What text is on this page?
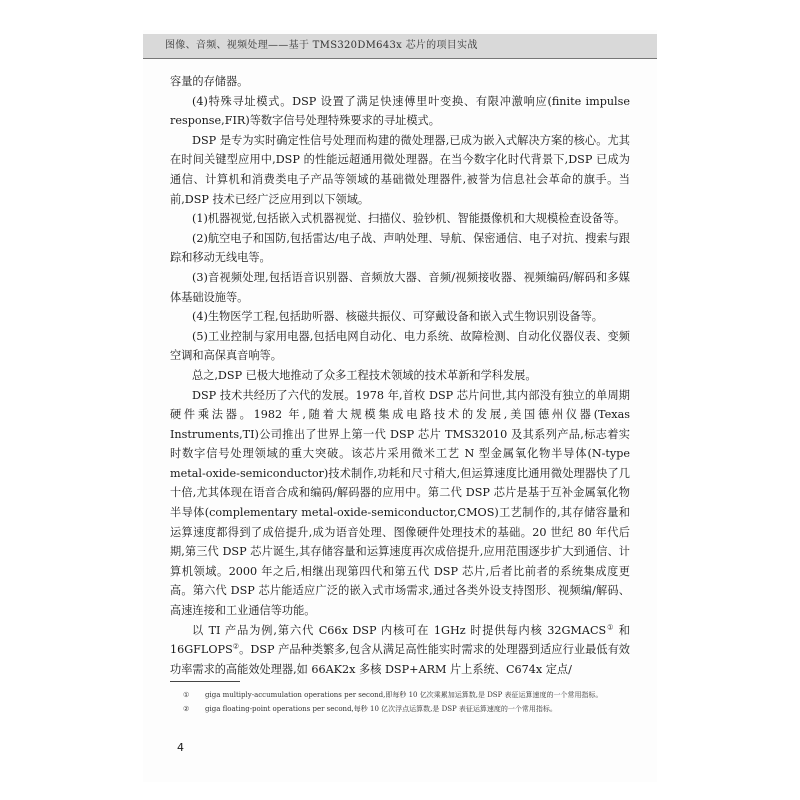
图像、音频、视频处理——基于 TMS320DM643x 芯片的项目实战

容量的存储器。

(4)特殊寻址模式。DSP 设置了满足快速傅里叶变换、有限冲激响应(finite impulse response,FIR)等数字信号处理特殊要求的寻址模式。

DSP 是专为实时确定性信号处理而构建的微处理器,已成为嵌入式解决方案的核心。尤其在时间关键型应用中,DSP 的性能远超通用微处理器。在当今数字化时代背景下,DSP 已成为通信、计算机和消费类电子产品等领域的基础微处理器件,被誉为信息社会革命的旗手。当前,DSP 技术已经广泛应用到以下领域。

(1)机器视觉,包括嵌入式机器视觉、扫描仪、验钞机、智能摄像机和大规模检查设备等。

(2)航空电子和国防,包括雷达/电子战、声呐处理、导航、保密通信、电子对抗、搜索与跟踪和移动无线电等。

(3)音视频处理,包括语音识别器、音频放大器、音频/视频接收器、视频编码/解码和多媒体基础设施等。

(4)生物医学工程,包括助听器、核磁共振仪、可穿戴设备和嵌入式生物识别设备等。

(5)工业控制与家用电器,包括电网自动化、电力系统、故障检测、自动化仪器仪表、变频空调和高保真音响等。

总之,DSP 已极大地推动了众多工程技术领域的技术革新和学科发展。

DSP 技术共经历了六代的发展。1978 年,首枚 DSP 芯片问世,其内部没有独立的单周期硬件乘法器。1982 年,随着大规模集成电路技术的发展,美国德州仪器(Texas Instruments,TI)公司推出了世界上第一代 DSP 芯片 TMS32010 及其系列产品,标志着实时数字信号处理领域的重大突破。该芯片采用微米工艺 N 型金属氧化物半导体(N-type metal-oxide-semiconductor)技术制作,功耗和尺寸稍大,但运算速度比通用微处理器快了几十倍,尤其体现在语音合成和编码/解码器的应用中。第二代 DSP 芯片是基于互补金属氧化物半导体(complementary metal-oxide-semiconductor,CMOS)工艺制作的,其存储容量和运算速度都得到了成倍提升,成为语音处理、图像硬件处理技术的基础。20 世纪 80 年代后期,第三代 DSP 芯片诞生,其存储容量和运算速度再次成倍提升,应用范围逐步扩大到通信、计算机领域。2000 年之后,相继出现第四代和第五代 DSP 芯片,后者比前者的系统集成度更高。第六代 DSP 芯片能适应广泛的嵌入式市场需求,通过各类外设支持图形、视频编/解码、高速连接和工业通信等功能。

以 TI 产品为例,第六代 C66x DSP 内核可在 1GHz 时提供每内核 32GMACS① 和 16GFLOPS②。DSP 产品种类繁多,包含从满足高性能实时需求的处理器到适应行业最低有效功率需求的高能效处理器,如 66AK2x 多核 DSP+ARM 片上系统、C674x 定点/

① giga multiply-accumulation operations per second,即每秒 10 亿次乘累加运算数,是 DSP 表征运算速度的一个常用指标。
② giga floating-point operations per second,每秒 10 亿次浮点运算数,是 DSP 表征运算速度的一个常用指标。
4
